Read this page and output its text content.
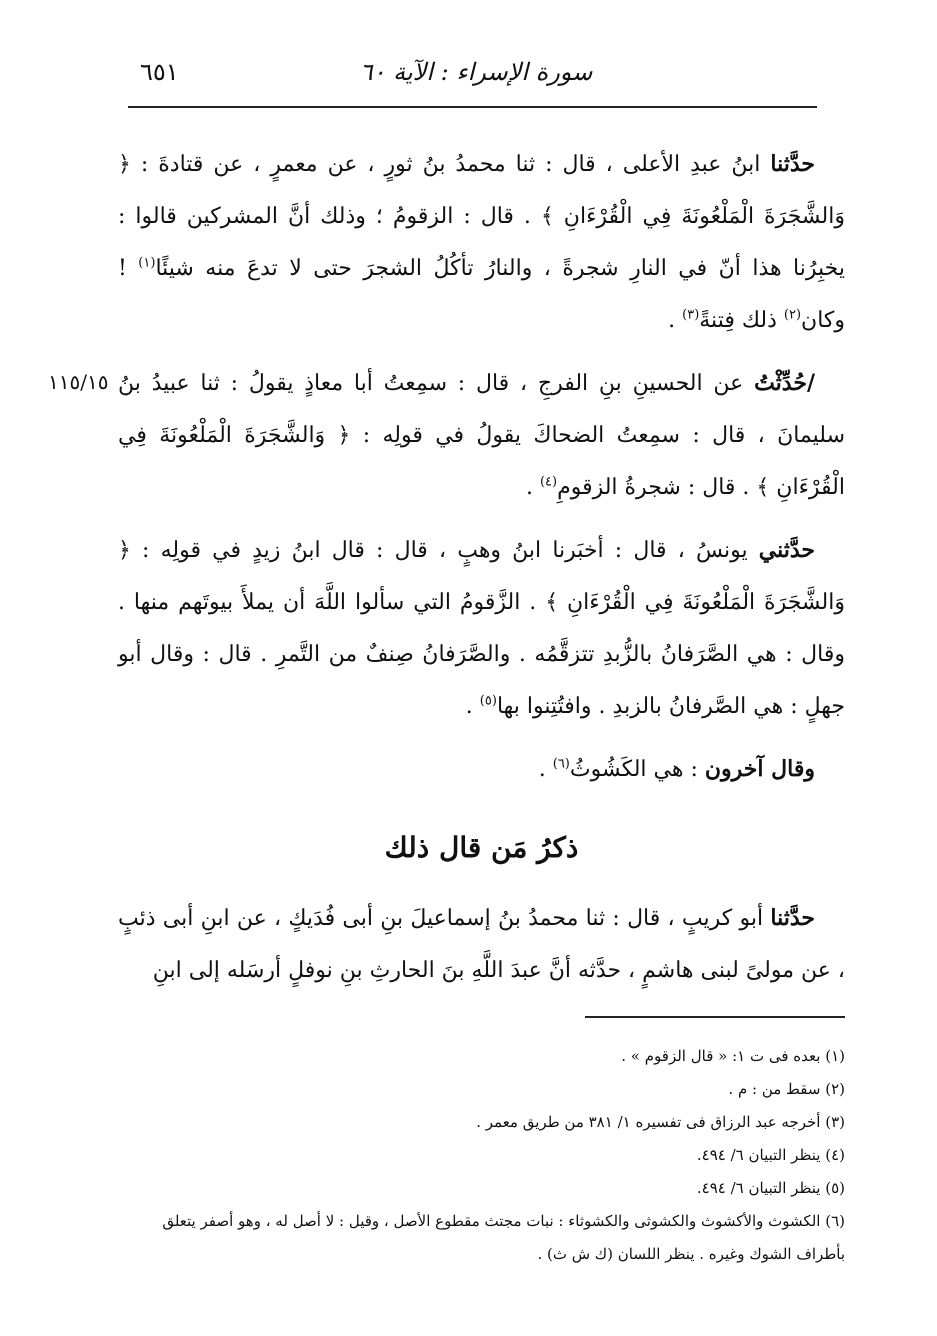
سورة الإسراء : الآية ٦٠
٦٥١
١١٥/١٥

حدَّثنا ابنُ عبدِ الأعلى ، قال : ثنا محمدُ بنُ ثورٍ ، عن معمرٍ ، عن قتادةَ : ﴿ وَالشَّجَرَةَ الْمَلْعُونَةَ فِي الْقُرْءَانِ ﴾ . قال : الزقومُ ؛ وذلك أنَّ المشركين قالوا : يخبِرُنا هذا أنّ في النارِ شجرةً ، والنارُ تأكُلُ الشجرَ حتى لا تدعَ منه شيئًا$^{(١)}$ ! وكان$^{(٢)}$ ذلك فِتنةً$^{(٣)}$ .

/حُدِّثْتُ عن الحسينِ بنِ الفرجِ ، قال : سمِعتُ أبا معاذٍ يقولُ : ثنا عبيدُ بنُ سليمانَ ، قال : سمِعتُ الضحاكَ يقولُ في قولِه : ﴿ وَالشَّجَرَةَ الْمَلْعُونَةَ فِي الْقُرْءَانِ ﴾ . قال : شجرةُ الزقومِ$^{(٤)}$ .

حدَّثني يونسُ ، قال : أخبَرنا ابنُ وهبٍ ، قال : قال ابنُ زيدٍ في قولِه : ﴿ وَالشَّجَرَةَ الْمَلْعُونَةَ فِي الْقُرْءَانِ ﴾ . الزَّقومُ التي سألوا اللَّهَ أن يملأَ بيوتَهم منها . وقال : هي الصَّرَفانُ بالزُّبدِ تتزقَّمُه . والصَّرَفانُ صِنفٌ من التَّمرِ . قال : وقال أبو جهلٍ : هي الصَّرفانُ بالزبدِ . وافتُتِنوا بها$^{(٥)}$ .

وقال آخرون : هي الكَشُوثُ$^{(٦)}$ .

ذكرُ مَن قال ذلك

حدَّثنا أبو كريبٍ ، قال : ثنا محمدُ بنُ إسماعيلَ بنِ أبى فُدَيكٍ ، عن ابنِ أبى ذئبٍ ، عن مولىً لبنى هاشمٍ ، حدَّثه أنَّ عبدَ اللَّهِ بنَ الحارثِ بنِ نوفلٍ أرسَله إلى ابنِ

(١) بعده فى ت ١: « قال الزقوم » .

(٢) سقط من : م .

(٣) أخرجه عبد الرزاق فى تفسيره ١/ ٣٨١ من طريق معمر .

(٤) ينظر التبيان ٦/ ٤٩٤.

(٥) ينظر التبيان ٦/ ٤٩٤.

(٦) الكشوث والأكشوث والكشوثى والكشوثاء : نبات مجتث مقطوع الأصل ، وقيل : لا أصل له ، وهو أصفر يتعلق بأطراف الشوك وغيره . ينظر اللسان (ك ش ث) .
